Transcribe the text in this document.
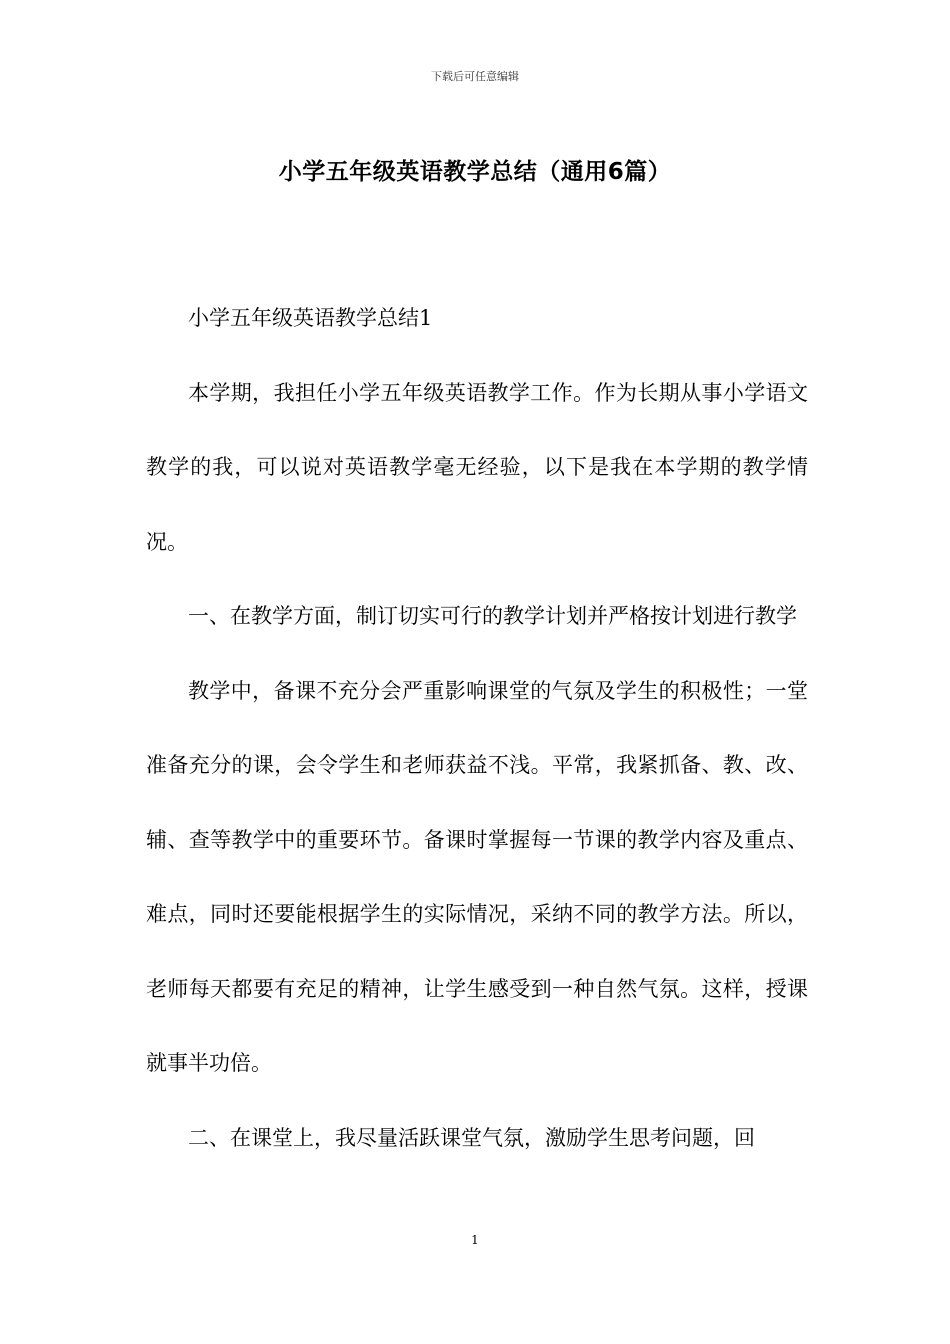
下载后可任意编辑
小学五年级英语教学总结（通用6篇）

小学五年级英语教学总结1

本学期，我担任小学五年级英语教学工作。作为长期从事小学语文教学的我，可以说对英语教学毫无经验，以下是我在本学期的教学情况。

一、在教学方面，制订切实可行的教学计划并严格按计划进行教学

教学中，备课不充分会严重影响课堂的气氛及学生的积极性；一堂准备充分的课，会令学生和老师获益不浅。平常，我紧抓备、教、改、辅、查等教学中的重要环节。备课时掌握每一节课的教学内容及重点、难点，同时还要能根据学生的实际情况，采纳不同的教学方法。所以，老师每天都要有充足的精神，让学生感受到一种自然气氛。这样，授课就事半功倍。

二、在课堂上，我尽量活跃课堂气氛，激励学生思考问题，回

1
